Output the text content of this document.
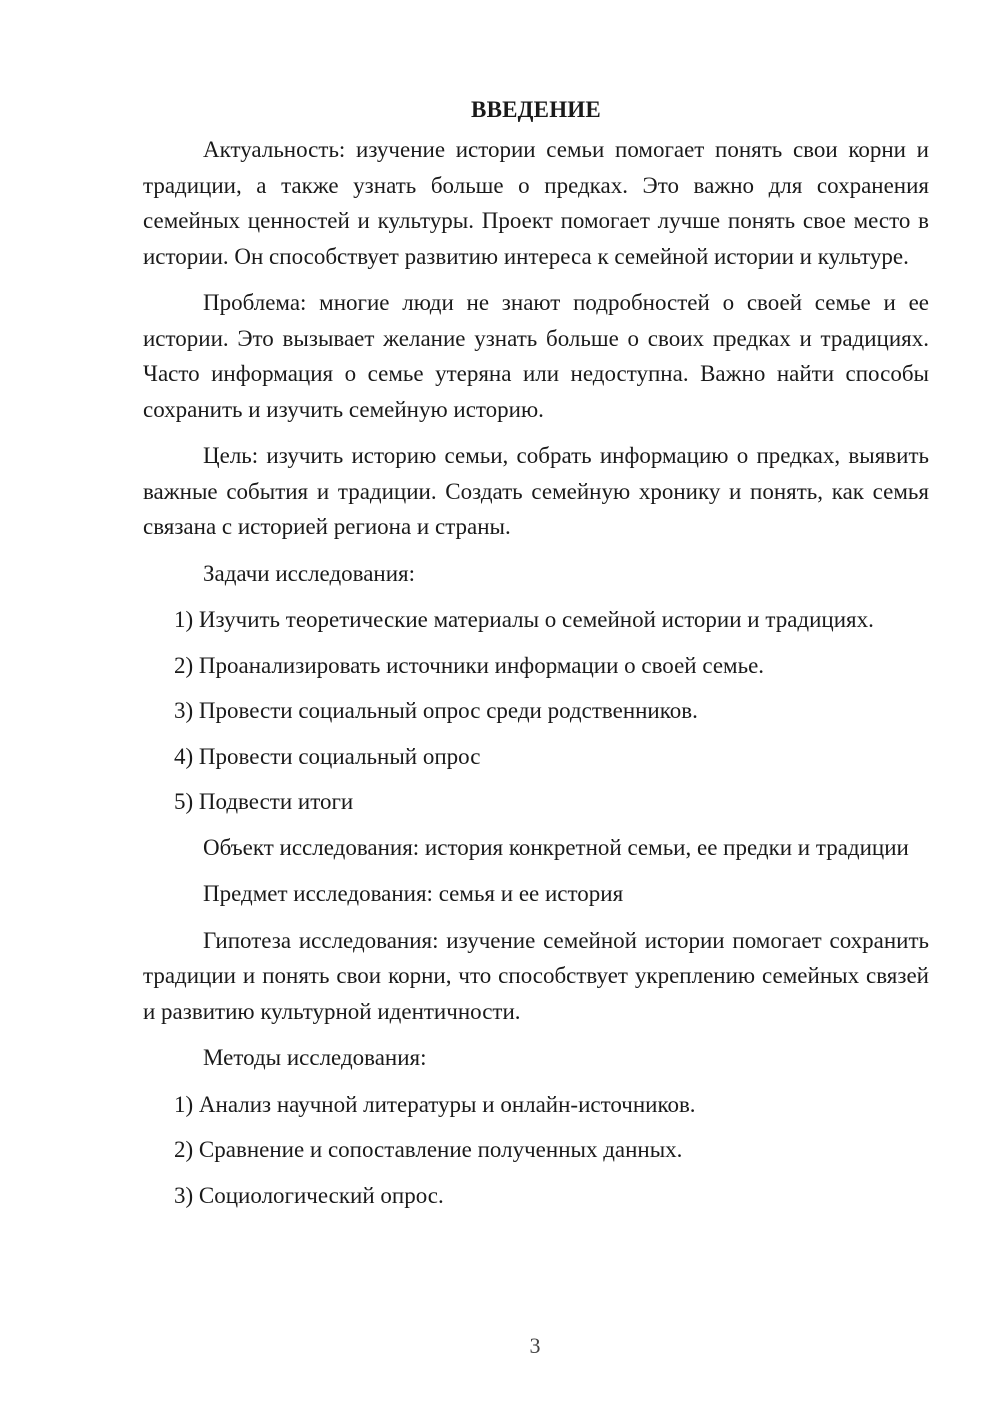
ВВЕДЕНИЕ

Актуальность: изучение истории семьи помогает понять свои корни и традиции, а также узнать больше о предках. Это важно для сохранения семейных ценностей и культуры. Проект помогает лучше понять свое место в истории. Он способствует развитию интереса к семейной истории и культуре.

Проблема: многие люди не знают подробностей о своей семье и ее истории. Это вызывает желание узнать больше о своих предках и традициях. Часто информация о семье утеряна или недоступна. Важно найти способы сохранить и изучить семейную историю.

Цель: изучить историю семьи, собрать информацию о предках, выявить важные события и традиции. Создать семейную хронику и понять, как семья связана с историей региона и страны.

Задачи исследования:

1) Изучить теоретические материалы о семейной истории и традициях.
2) Проанализировать источники информации о своей семье.
3) Провести социальный опрос среди родственников.
4) Провести социальный опрос
5) Подвести итоги

Объект исследования: история конкретной семьи, ее предки и традиции

Предмет исследования: семья и ее история

Гипотеза исследования: изучение семейной истории помогает сохранить традиции и понять свои корни, что способствует укреплению семейных связей и развитию культурной идентичности.

Методы исследования:

1) Анализ научной литературы и онлайн-источников.
2) Сравнение и сопоставление полученных данных.
3) Социологический опрос.
3
